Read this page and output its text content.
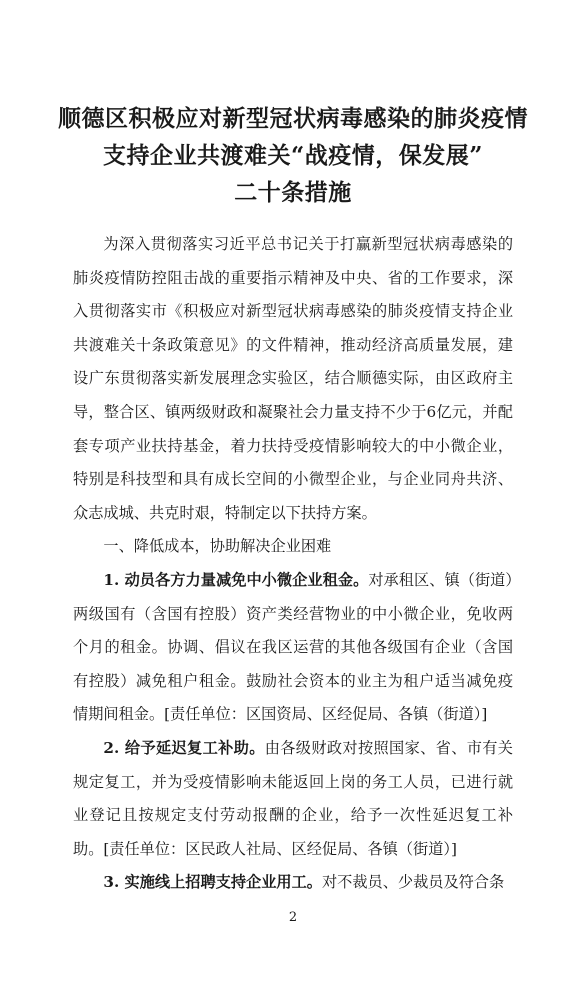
顺德区积极应对新型冠状病毒感染的肺炎疫情
支持企业共渡难关“战疫情，保发展”
二十条措施

为深入贯彻落实习近平总书记关于打赢新型冠状病毒感染的肺炎疫情防控阻击战的重要指示精神及中央、省的工作要求，深入贯彻落实市《积极应对新型冠状病毒感染的肺炎疫情支持企业共渡难关十条政策意见》的文件精神，推动经济高质量发展，建设广东贯彻落实新发展理念实验区，结合顺德实际，由区政府主导，整合区、镇两级财政和凝聚社会力量支持不少于6亿元，并配套专项产业扶持基金，着力扶持受疫情影响较大的中小微企业，特别是科技型和具有成长空间的小微型企业，与企业同舟共济、众志成城、共克时艰，特制定以下扶持方案。

一、降低成本，协助解决企业困难

1. 动员各方力量减免中小微企业租金。对承租区、镇（街道）两级国有（含国有控股）资产类经营物业的中小微企业，免收两个月的租金。协调、倡议在我区运营的其他各级国有企业（含国有控股）减免租户租金。鼓励社会资本的业主为租户适当减免疫情期间租金。[责任单位：区国资局、区经促局、各镇（街道）]

2. 给予延迟复工补助。由各级财政对按照国家、省、市有关规定复工，并为受疫情影响未能返回上岗的务工人员，已进行就业登记且按规定支付劳动报酬的企业，给予一次性延迟复工补助。[责任单位：区民政人社局、区经促局、各镇（街道）]

3. 实施线上招聘支持企业用工。对不裁员、少裁员及符合条

2
